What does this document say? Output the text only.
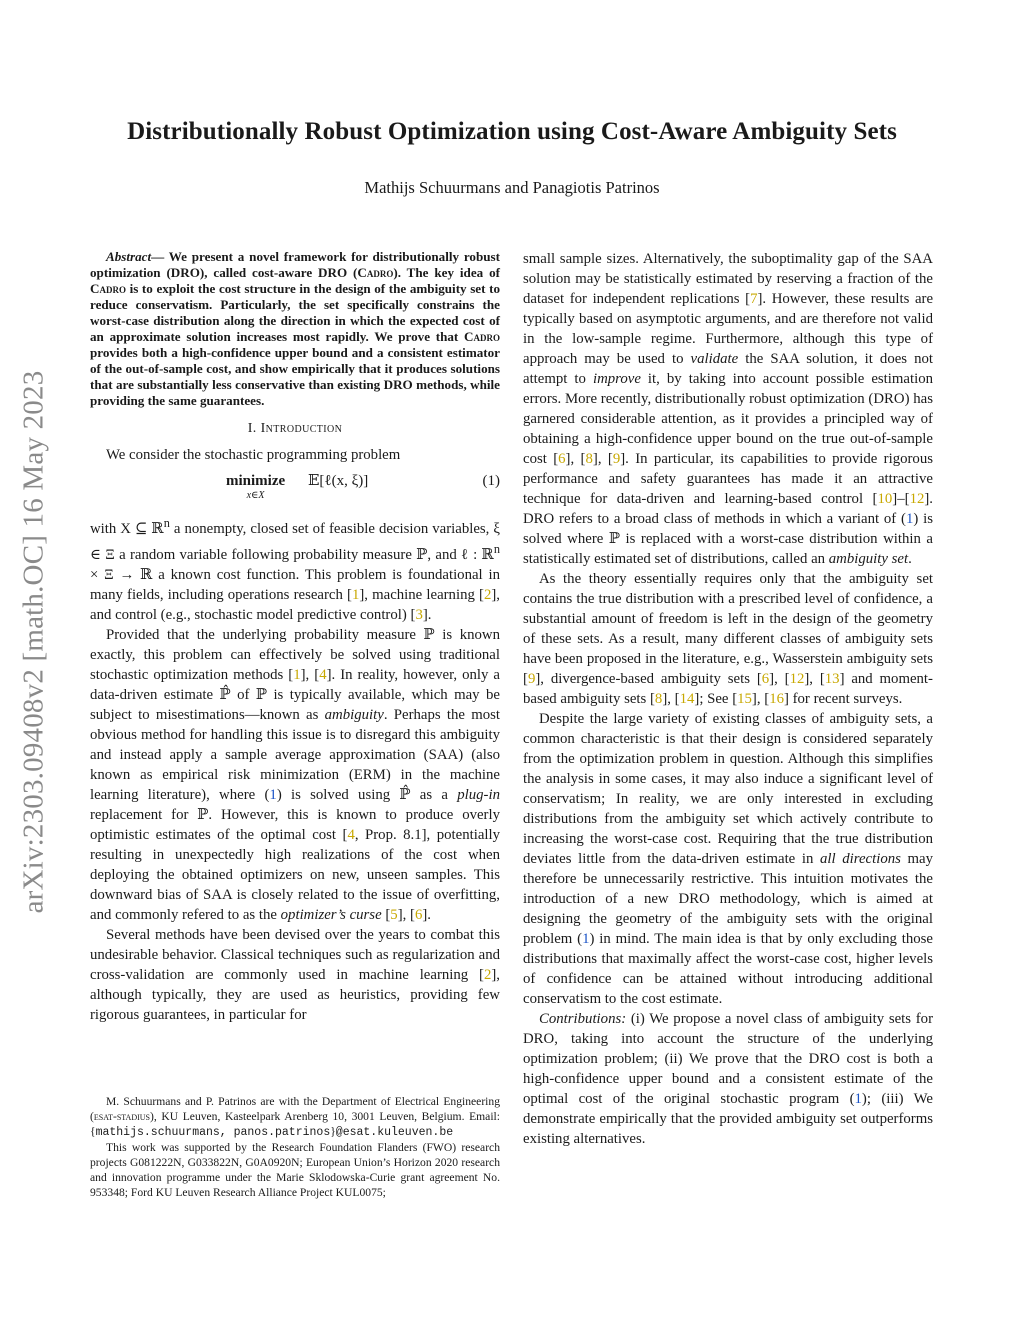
arXiv:2303.09408v2 [math.OC] 16 May 2023
Distributionally Robust Optimization using Cost-Aware Ambiguity Sets
Mathijs Schuurmans and Panagiotis Patrinos
Abstract— We present a novel framework for distributionally robust optimization (DRO), called cost-aware DRO (Cadro). The key idea of Cadro is to exploit the cost structure in the design of the ambiguity set to reduce conservatism. Particularly, the set specifically constrains the worst-case distribution along the direction in which the expected cost of an approximate solution increases most rapidly. We prove that Cadro provides both a high-confidence upper bound and a consistent estimator of the out-of-sample cost, and show empirically that it produces solutions that are substantially less conservative than existing DRO methods, while providing the same guarantees.
I. Introduction

We consider the stochastic programming problem

minimize
x∈X
𝔼[ℓ(x, ξ)]	(1)

with X ⊆ ℝ$^n$ a nonempty, closed set of feasible decision variables, ξ ∈ Ξ a random variable following probability measure ℙ, and ℓ : ℝ$^n$ × Ξ → ℝ a known cost function. This problem is foundational in many fields, including operations research [1], machine learning [2], and control (e.g., stochastic model predictive control) [3].

Provided that the underlying probability measure ℙ is known exactly, this problem can effectively be solved using traditional stochastic optimization methods [1], [4]. In reality, however, only a data-driven estimate ℙ̂ of ℙ is typically available, which may be subject to misestimations—known as ambiguity. Perhaps the most obvious method for handling this issue is to disregard this ambiguity and instead apply a sample average approximation (SAA) (also known as empirical risk minimization (ERM) in the machine learning literature), where (1) is solved using ℙ̂ as a plug-in replacement for ℙ. However, this is known to produce overly optimistic estimates of the optimal cost [4, Prop. 8.1], potentially resulting in unexpectedly high realizations of the cost when deploying the obtained optimizers on new, unseen samples. This downward bias of SAA is closely related to the issue of overfitting, and commonly refered to as the optimizer’s curse [5], [6].

Several methods have been devised over the years to combat this undesirable behavior. Classical techniques such as regularization and cross-validation are commonly used in machine learning [2], although typically, they are used as heuristics, providing few rigorous guarantees, in particular for

M. Schuurmans and P. Patrinos are with the Department of Electrical Engineering (esat-stadius), KU Leuven, Kasteelpark Arenberg 10, 3001 Leuven, Belgium. Email: {mathijs.schuurmans, panos.patrinos}@esat.kuleuven.be

This work was supported by the Research Foundation Flanders (FWO) research projects G081222N, G033822N, G0A0920N; European Union’s Horizon 2020 research and innovation programme under the Marie Sklodowska-Curie grant agreement No. 953348; Ford KU Leuven Research Alliance Project KUL0075;

small sample sizes. Alternatively, the suboptimality gap of the SAA solution may be statistically estimated by reserving a fraction of the dataset for independent replications [7]. However, these results are typically based on asymptotic arguments, and are therefore not valid in the low-sample regime. Furthermore, although this type of approach may be used to validate the SAA solution, it does not attempt to improve it, by taking into account possible estimation errors. More recently, distributionally robust optimization (DRO) has garnered considerable attention, as it provides a principled way of obtaining a high-confidence upper bound on the true out-of-sample cost [6], [8], [9]. In particular, its capabilities to provide rigorous performance and safety guarantees has made it an attractive technique for data-driven and learning-based control [10]–[12]. DRO refers to a broad class of methods in which a variant of (1) is solved where ℙ is replaced with a worst-case distribution within a statistically estimated set of distributions, called an ambiguity set.

As the theory essentially requires only that the ambiguity set contains the true distribution with a prescribed level of confidence, a substantial amount of freedom is left in the design of the geometry of these sets. As a result, many different classes of ambiguity sets have been proposed in the literature, e.g., Wasserstein ambiguity sets [9], divergence-based ambiguity sets [6], [12], [13] and moment-based ambiguity sets [8], [14]; See [15], [16] for recent surveys.

Despite the large variety of existing classes of ambiguity sets, a common characteristic is that their design is considered separately from the optimization problem in question. Although this simplifies the analysis in some cases, it may also induce a significant level of conservatism; In reality, we are only interested in excluding distributions from the ambiguity set which actively contribute to increasing the worst-case cost. Requiring that the true distribution deviates little from the data-driven estimate in all directions may therefore be unnecessarily restrictive. This intuition motivates the introduction of a new DRO methodology, which is aimed at designing the geometry of the ambiguity sets with the original problem (1) in mind. The main idea is that by only excluding those distributions that maximally affect the worst-case cost, higher levels of confidence can be attained without introducing additional conservatism to the cost estimate.

Contributions: (i) We propose a novel class of ambiguity sets for DRO, taking into account the structure of the underlying optimization problem; (ii) We prove that the DRO cost is both a high-confidence upper bound and a consistent estimate of the optimal cost of the original stochastic program (1); (iii) We demonstrate empirically that the provided ambiguity set outperforms existing alternatives.
